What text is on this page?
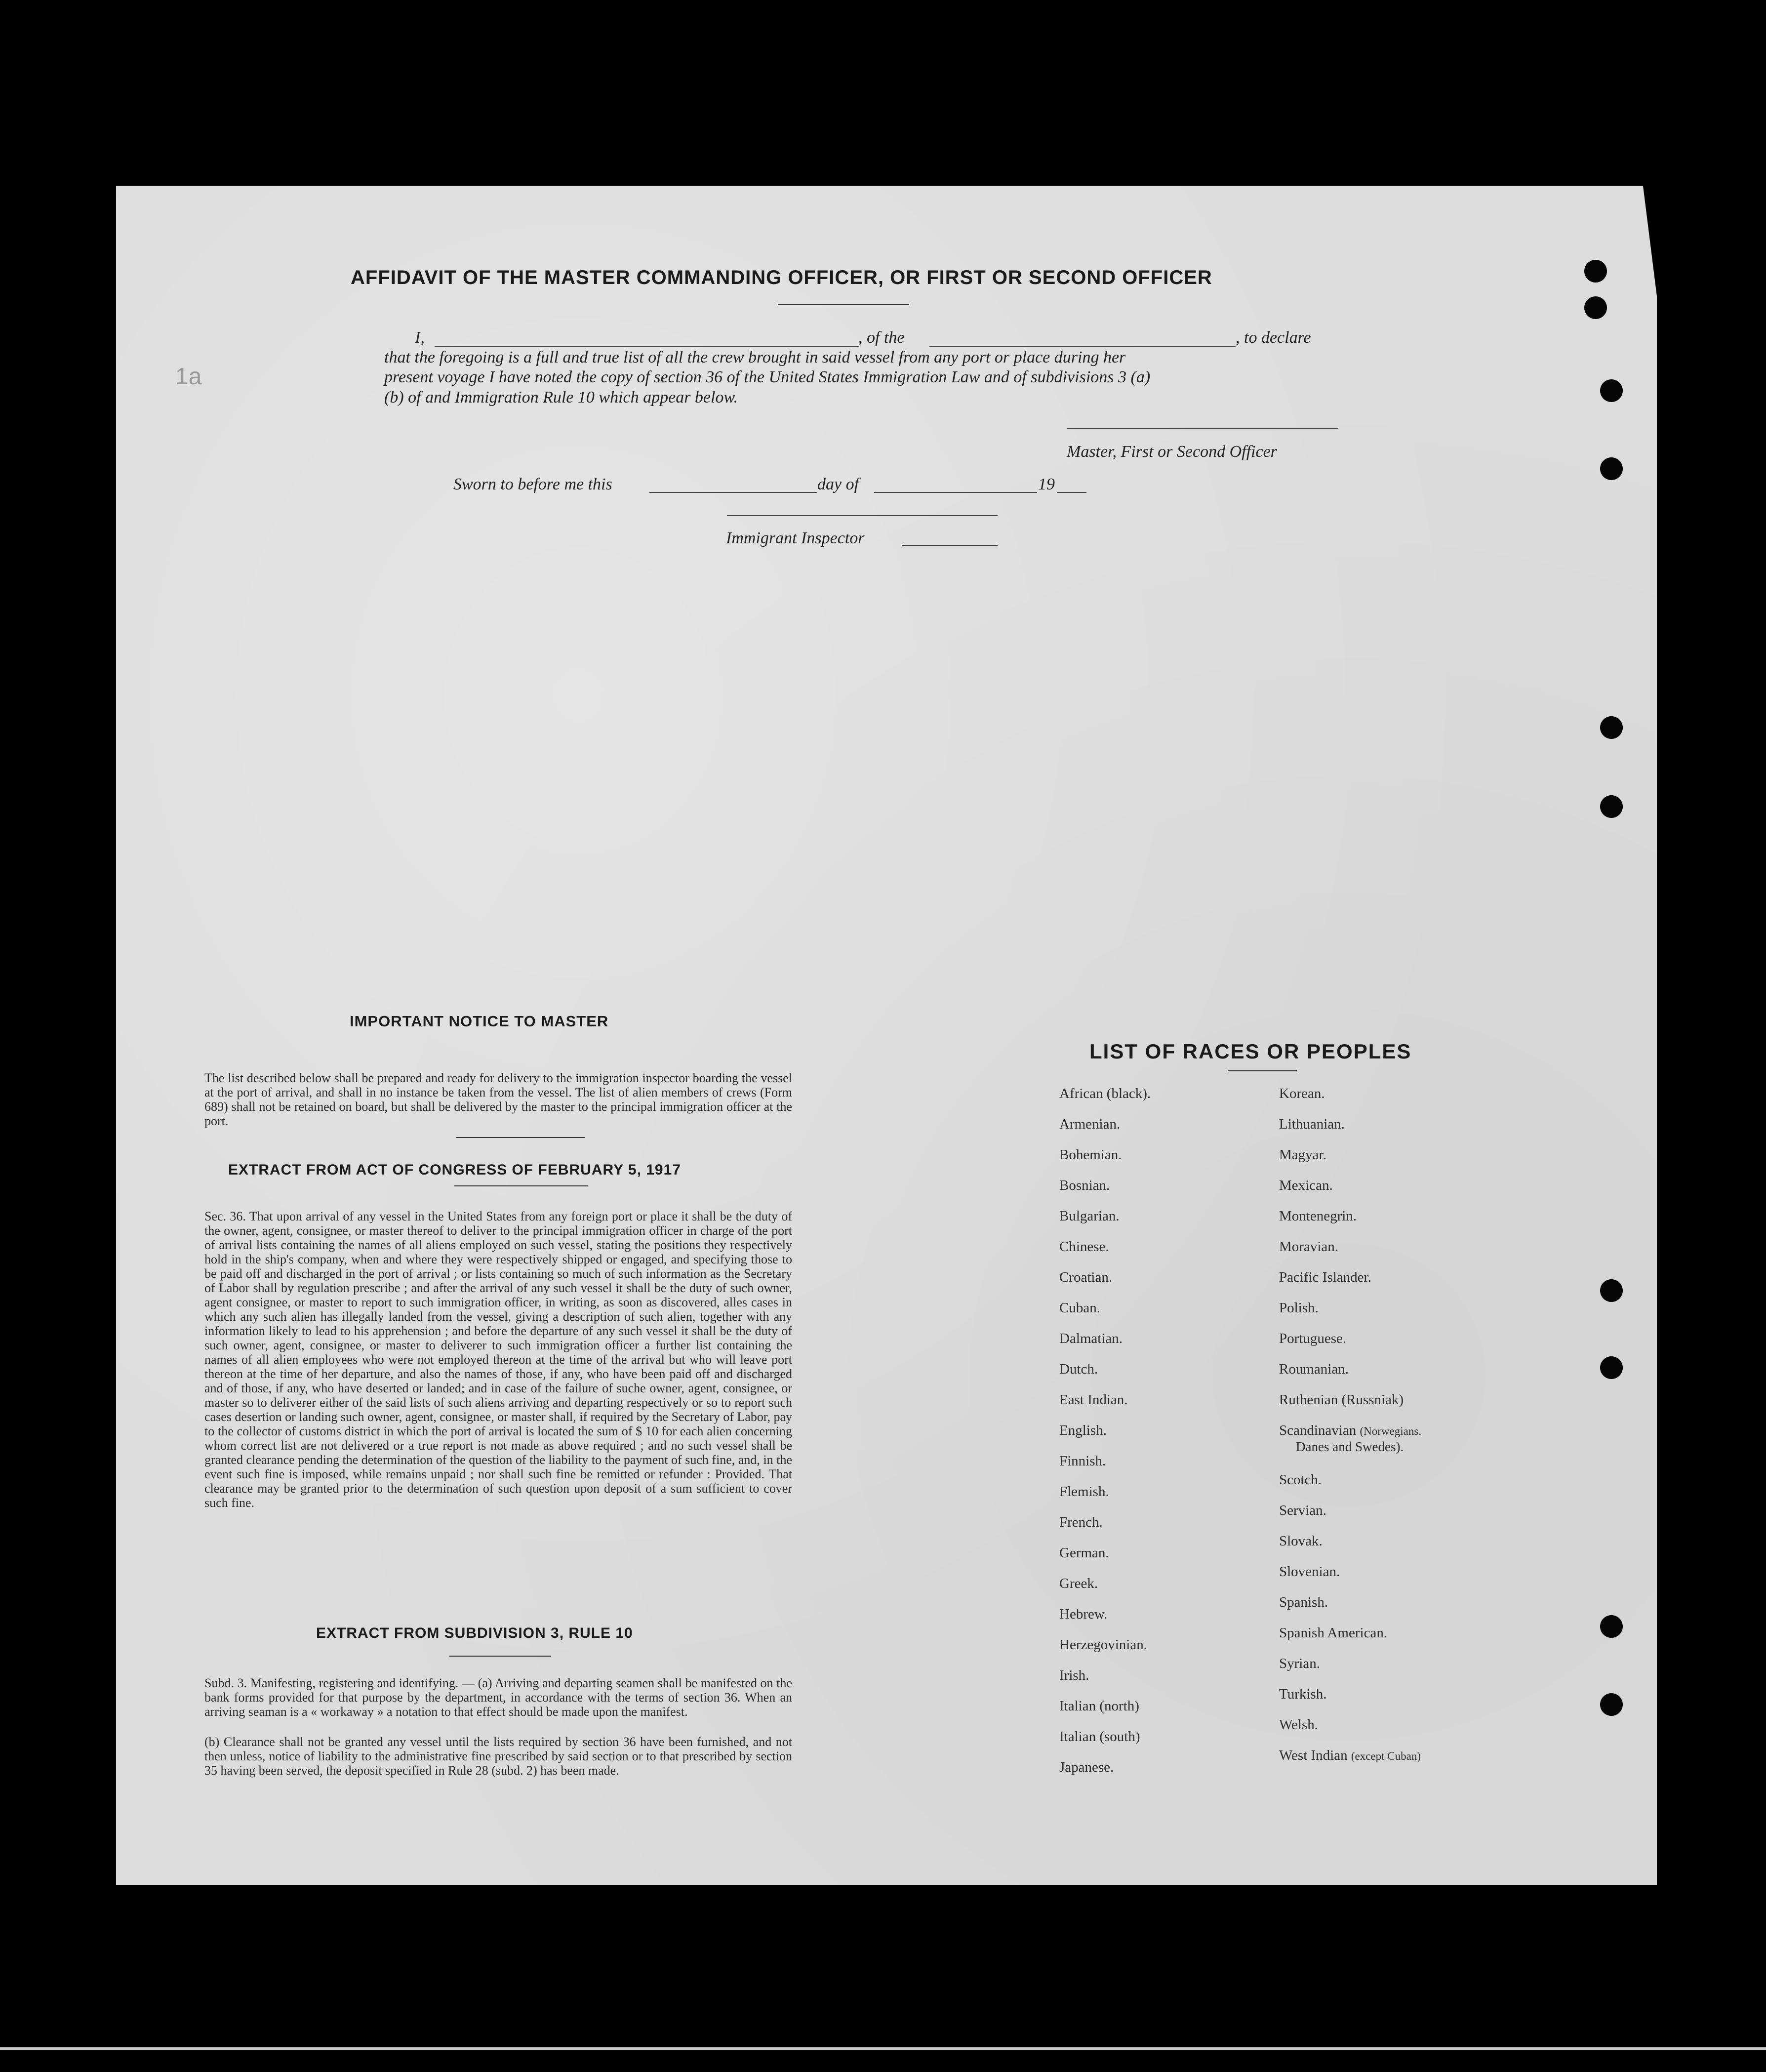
1a
AFFIDAVIT OF THE MASTER COMMANDING OFFICER, OR FIRST OR SECOND OFFICER
I,	, of the	, to declare
that the foregoing is a full and true list of all the crew brought in said vessel from any port or place during her
present voyage I have noted the copy of section 36 of the United States Immigration Law and of subdivisions 3 (a)
(b) of and Immigration Rule 10 which appear below.
Master, First or Second Officer
Sworn to before me this	day of	19
Immigrant Inspector
IMPORTANT NOTICE TO MASTER
The list described below shall be prepared and ready for delivery to the immigration inspector boarding the vessel at the port of arrival, and shall in no instance be taken from the vessel. The list of alien members of crews (Form 689) shall not be retained on board, but shall be delivered by the master to the principal immigration officer at the port.
EXTRACT FROM ACT OF CONGRESS OF FEBRUARY 5, 1917
Sec. 36. That upon arrival of any vessel in the United States from any foreign port or place it shall be the duty of the owner, agent, consignee, or master thereof to deliver to the principal immigration officer in charge of the port of arrival lists containing the names of all aliens employed on such vessel, stating the positions they respectively hold in the ship's company, when and where they were respectively shipped or engaged, and specifying those to be paid off and discharged in the port of arrival ; or lists containing so much of such information as the Secretary of Labor shall by regulation prescribe ; and after the arrival of any such vessel it shall be the duty of such owner, agent consignee, or master to report to such immigration officer, in writing, as soon as discovered, alles cases in which any such alien has illegally landed from the vessel, giving a description of such alien, together with any information likely to lead to his apprehension ; and before the departure of any such vessel it shall be the duty of such owner, agent, consignee, or master to deliverer to such immigration officer a further list containing the names of all alien employees who were not employed thereon at the time of the arrival but who will leave port thereon at the time of her departure, and also the names of those, if any, who have been paid off and discharged and of those, if any, who have deserted or landed; and in case of the failure of suche owner, agent, consignee, or master so to deliverer either of the said lists of such aliens arriving and departing respectively or so to report such cases desertion or landing such owner, agent, consignee, or master shall, if required by the Secretary of Labor, pay to the collector of customs district in which the port of arrival is located the sum of $ 10 for each alien concerning whom correct list are not delivered or a true report is not made as above required ; and no such vessel shall be granted clearance pending the determination of the question of the liability to the payment of such fine, and, in the event such fine is imposed, while remains unpaid ; nor shall such fine be remitted or refunder : Provided. That clearance may be granted prior to the determination of such question upon deposit of a sum sufficient to cover such fine.
EXTRACT FROM SUBDIVISION 3, RULE 10
Subd. 3. Manifesting, registering and identifying. — (a) Arriving and departing seamen shall be manifested on the bank forms provided for that purpose by the department, in accordance with the terms of section 36. When an arriving seaman is a « workaway » a notation to that effect should be made upon the manifest.
(b) Clearance shall not be granted any vessel until the lists required by section 36 have been furnished, and not then unless, notice of liability to the administrative fine prescribed by said section or to that prescribed by section 35 having been served, the deposit specified in Rule 28 (subd. 2) has been made.
LIST OF RACES OR PEOPLES
African (black).
Armenian.
Bohemian.
Bosnian.
Bulgarian.
Chinese.
Croatian.
Cuban.
Dalmatian.
Dutch.
East Indian.
English.
Finnish.
Flemish.
French.
German.
Greek.
Hebrew.
Herzegovinian.
Irish.
Italian (north)
Italian (south)
Japanese.
Korean.
Lithuanian.
Magyar.
Mexican.
Montenegrin.
Moravian.
Pacific Islander.
Polish.
Portuguese.
Roumanian.
Ruthenian (Russniak)
Scandinavian (Norwegians,
Danes and Swedes).
Scotch.
Servian.
Slovak.
Slovenian.
Spanish.
Spanish American.
Syrian.
Turkish.
Welsh.
West Indian (except Cuban)
